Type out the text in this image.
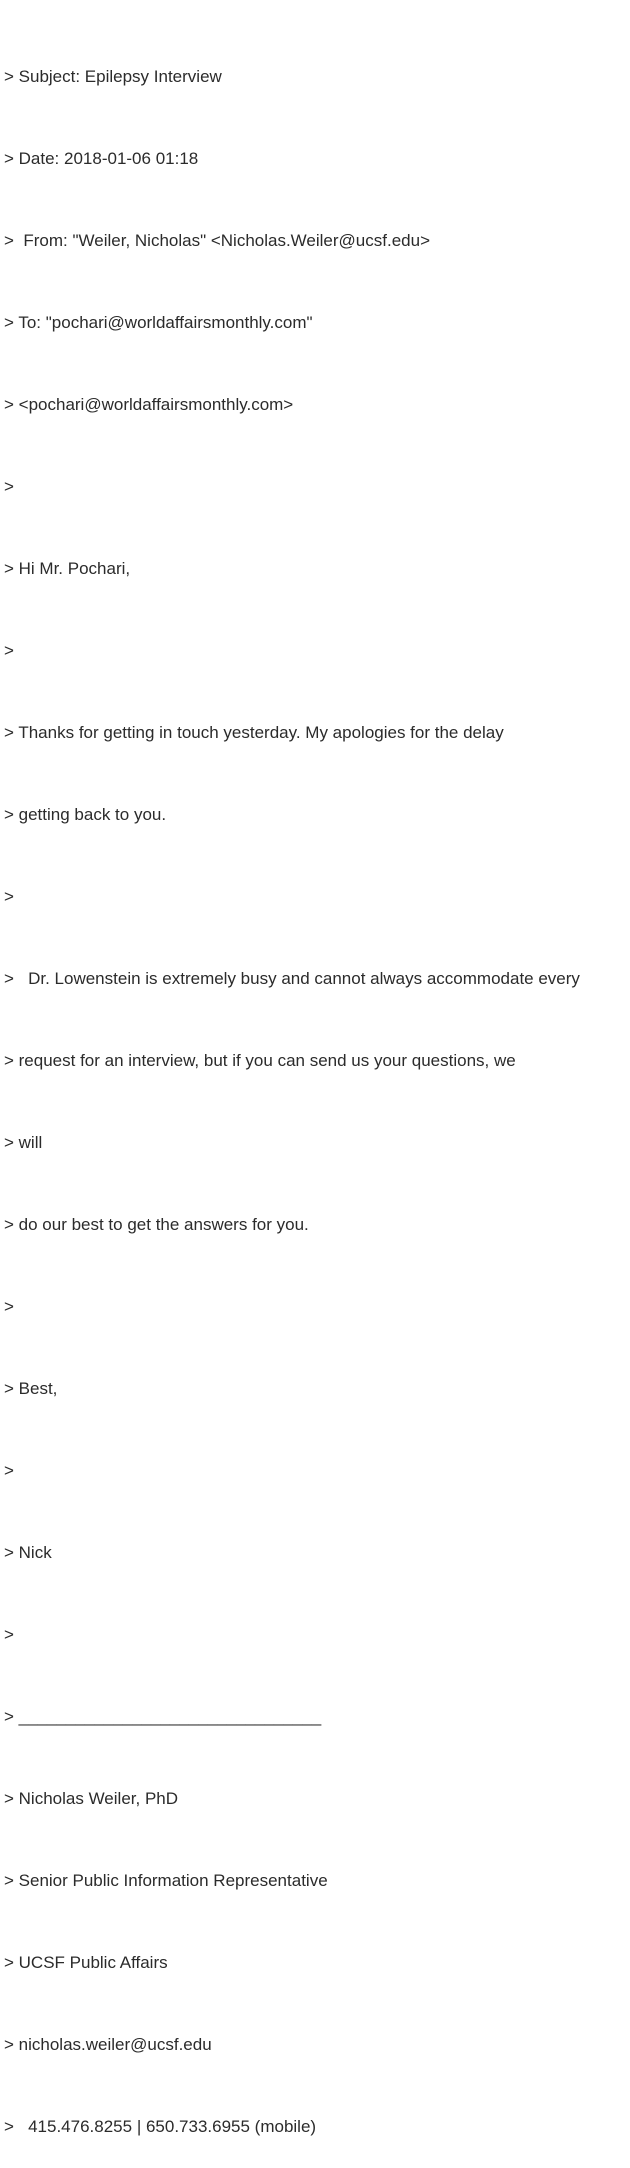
> Subject: Epilepsy Interview

> Date: 2018-01-06 01:18

>  From: "Weiler, Nicholas" <Nicholas.Weiler@ucsf.edu>

> To: "pochari@worldaffairsmonthly.com"

> <pochari@worldaffairsmonthly.com>

>

> Hi Mr. Pochari,

>

> Thanks for getting in touch yesterday. My apologies for the delay

> getting back to you.

>

>   Dr. Lowenstein is extremely busy and cannot always accommodate every

> request for an interview, but if you can send us your questions, we

> will

> do our best to get the answers for you.

>

> Best,

>

> Nick

>

> ________________________________

> Nicholas Weiler, PhD

> Senior Public Information Representative

> UCSF Public Affairs

> nicholas.weiler@ucsf.edu

>   415.476.8255 | 650.733.6955 (mobile)
